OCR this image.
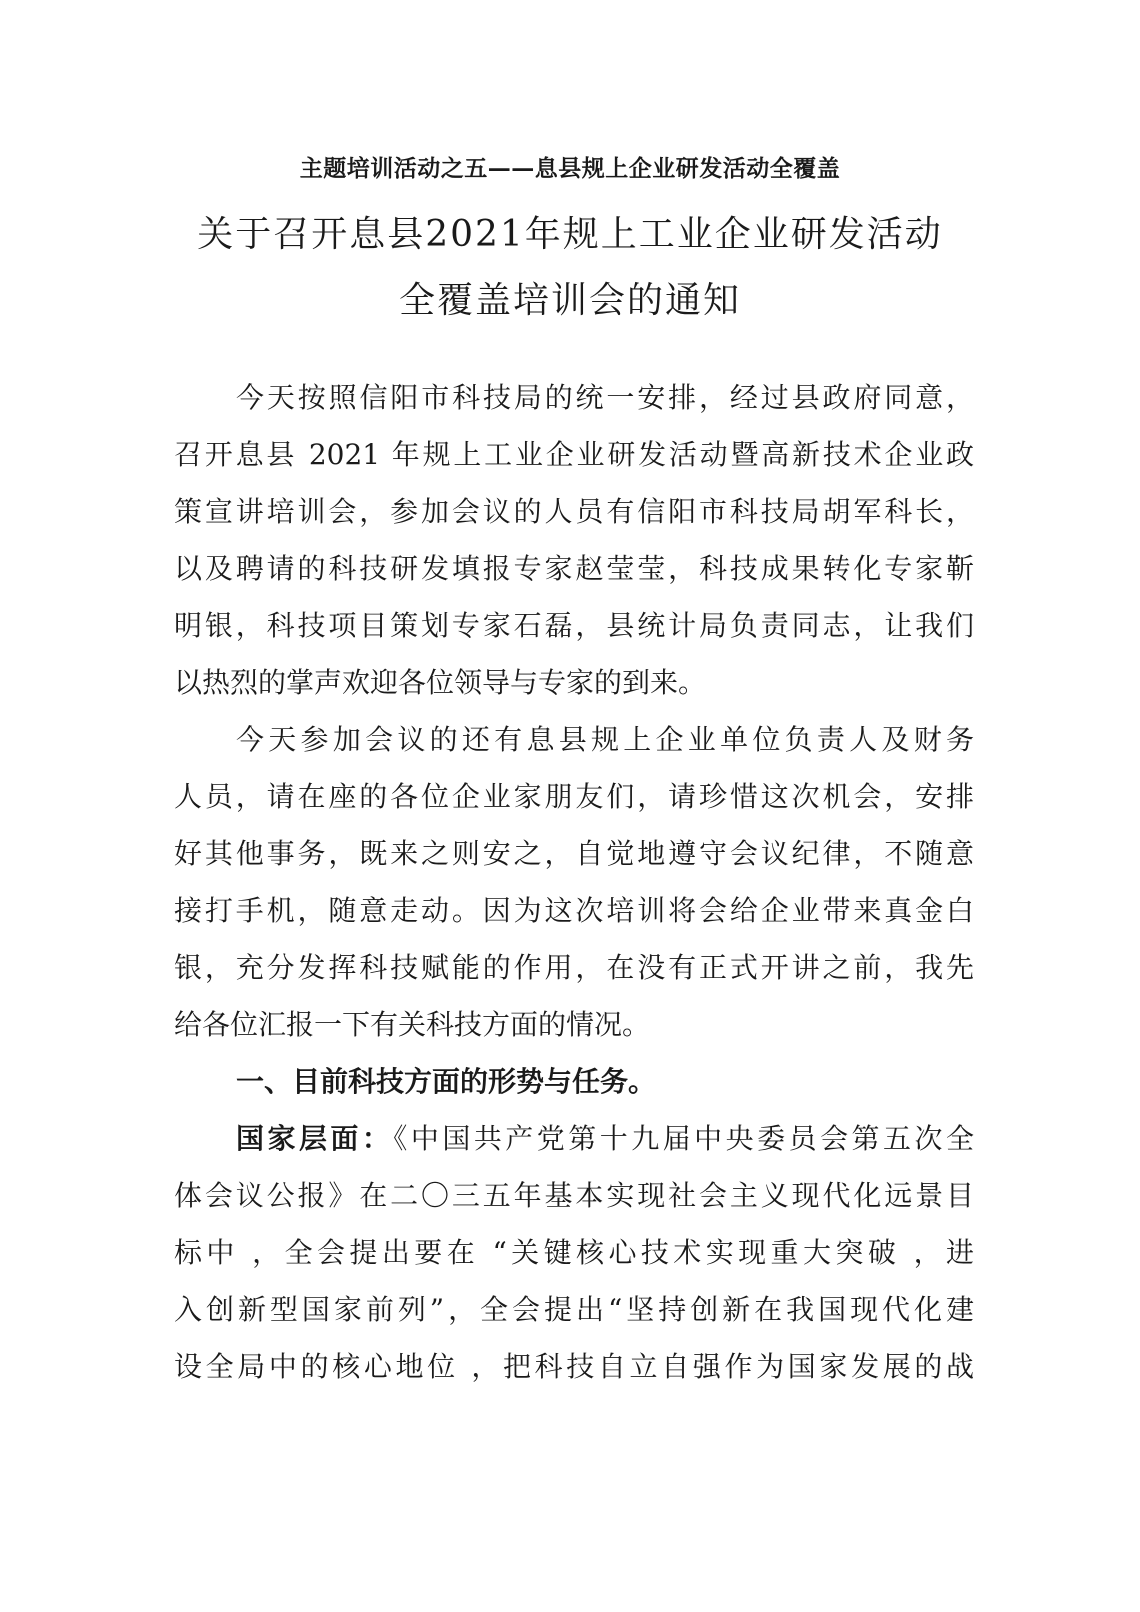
主题培训活动之五——息县规上企业研发活动全覆盖
关于召开息县2021年规上工业企业研发活动
全覆盖培训会的通知
今天按照信阳市科技局的统一安排，经过县政府同意，
召开息县 2021 年规上工业企业研发活动暨高新技术企业政
策宣讲培训会，参加会议的人员有信阳市科技局胡军科长，
以及聘请的科技研发填报专家赵莹莹，科技成果转化专家靳
明银，科技项目策划专家石磊，县统计局负责同志，让我们
以热烈的掌声欢迎各位领导与专家的到来。
今天参加会议的还有息县规上企业单位负责人及财务
人员，请在座的各位企业家朋友们，请珍惜这次机会，安排
好其他事务，既来之则安之，自觉地遵守会议纪律，不随意
接打手机，随意走动。因为这次培训将会给企业带来真金白
银，充分发挥科技赋能的作用，在没有正式开讲之前，我先
给各位汇报一下有关科技方面的情况。
一、目前科技方面的形势与任务。
国家层面：《中国共产党第十九届中央委员会第五次全
体会议公报》在二〇三五年基本实现社会主义现代化远景目
标中 ，全会提出要在 “关键核心技术实现重大突破 ，进
入创新型国家前列”，全会提出“坚持创新在我国现代化建
设全局中的核心地位 ，把科技自立自强作为国家发展的战
